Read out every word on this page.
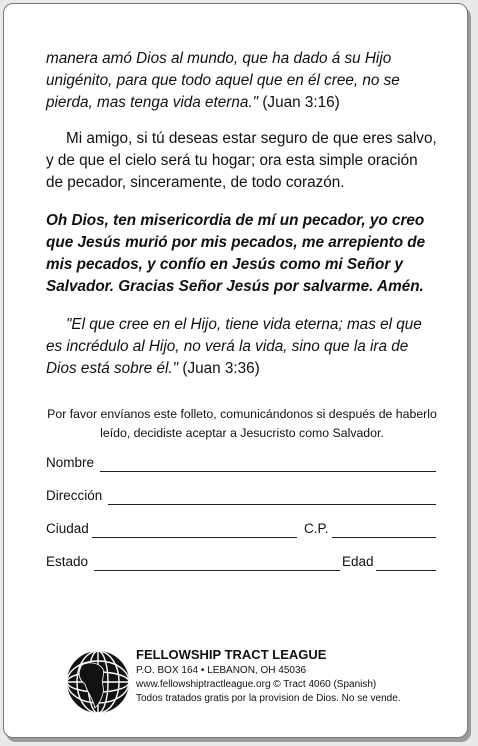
manera amó Dios al mundo, que ha dado á su Hijo unigénito, para que todo aquel que en él cree, no se pierda, mas tenga vida eterna." (Juan 3:16)

Mi amigo, si tú deseas estar seguro de que eres salvo, y de que el cielo será tu hogar; ora esta simple oración de pecador, sinceramente, de todo corazón.

Oh Dios, ten misericordia de mí un pecador, yo creo que Jesús murió por mis pecados, me arrepiento de mis pecados, y confío en Jesús como mi Señor y Salvador. Gracias Señor Jesús por salvarme. Amén.

"El que cree en el Hijo, tiene vida eterna; mas el que es incrédulo al Hijo, no verá la vida, sino que la ira de Dios está sobre él." (Juan 3:36)

Por favor envíanos este folleto, comunicándonos si después de haberlo leído, decidiste aceptar a Jesucristo como Salvador.
Nombre
Dirección
Ciudad	C.P.
Estado	Edad
FELLOWSHIP TRACT LEAGUE
P.O. BOX 164 • LEBANON, OH 45036
www.fellowshiptractleague.org © Tract 4060 (Spanish)
Todos tratados gratis por la provision de Dios. No se vende.
